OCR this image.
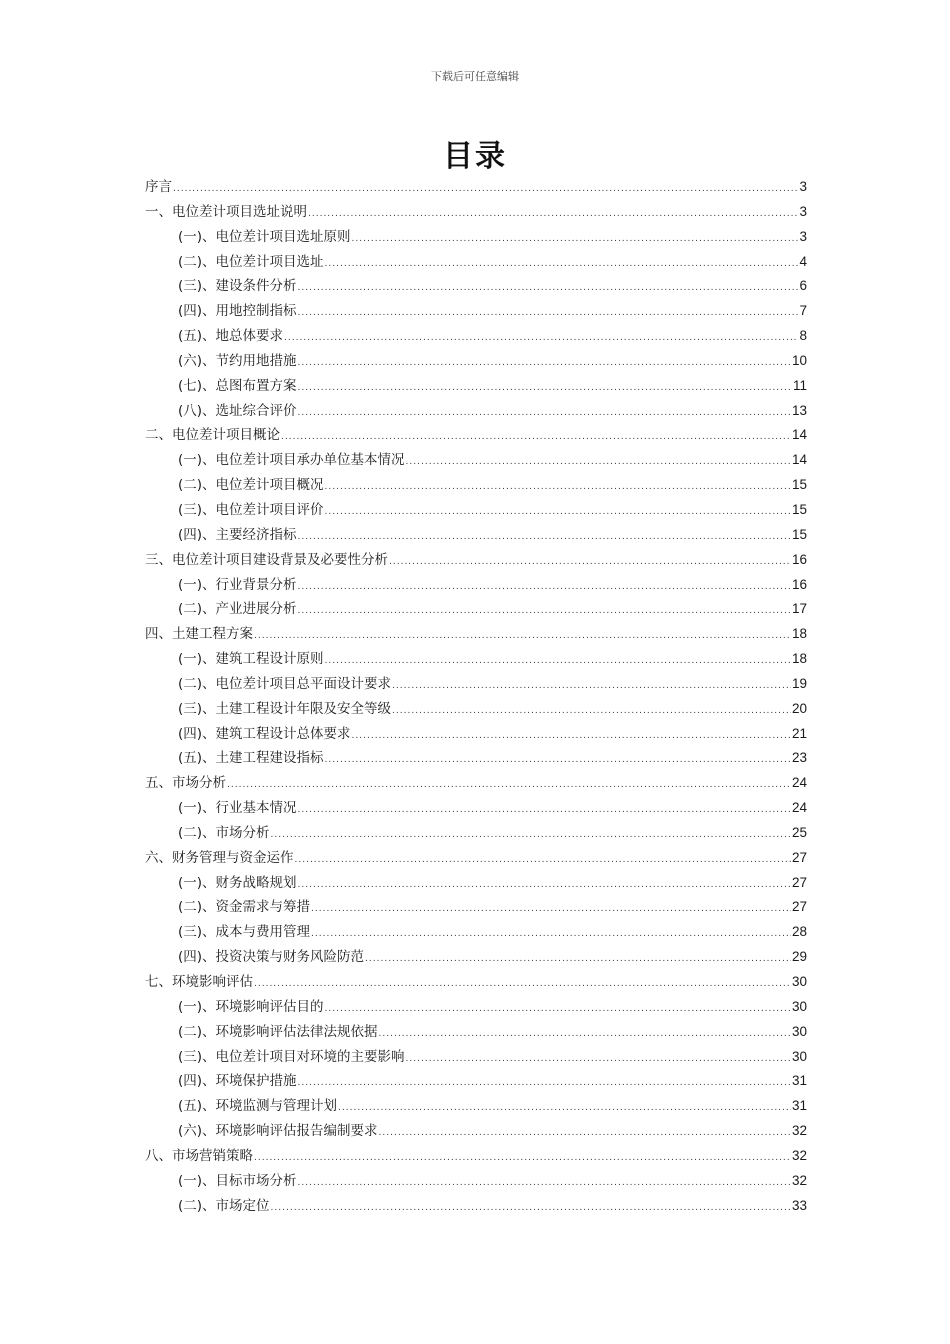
下载后可任意编辑
目录
序言 .....	3
一、电位差计项目选址说明 .....	3
(一)、电位差计项目选址原则 .....	3
(二)、电位差计项目选址 .....	4
(三)、建设条件分析 .....	6
(四)、用地控制指标 .....	7
(五)、地总体要求 .....	8
(六)、节约用地措施 .....	10
(七)、总图布置方案 .....	11
(八)、选址综合评价 .....	13
二、电位差计项目概论 .....	14
(一)、电位差计项目承办单位基本情况 .....	14
(二)、电位差计项目概况 .....	15
(三)、电位差计项目评价 .....	15
(四)、主要经济指标 .....	15
三、电位差计项目建设背景及必要性分析 .....	16
(一)、行业背景分析 .....	16
(二)、产业进展分析 .....	17
四、土建工程方案 .....	18
(一)、建筑工程设计原则 .....	18
(二)、电位差计项目总平面设计要求 .....	19
(三)、土建工程设计年限及安全等级 .....	20
(四)、建筑工程设计总体要求 .....	21
(五)、土建工程建设指标 .....	23
五、市场分析 .....	24
(一)、行业基本情况 .....	24
(二)、市场分析 .....	25
六、财务管理与资金运作 .....	27
(一)、财务战略规划 .....	27
(二)、资金需求与筹措 .....	27
(三)、成本与费用管理 .....	28
(四)、投资决策与财务风险防范 .....	29
七、环境影响评估 .....	30
(一)、环境影响评估目的 .....	30
(二)、环境影响评估法律法规依据 .....	30
(三)、电位差计项目对环境的主要影响 .....	30
(四)、环境保护措施 .....	31
(五)、环境监测与管理计划 .....	31
(六)、环境影响评估报告编制要求 .....	32
八、市场营销策略 .....	32
(一)、目标市场分析 .....	32
(二)、市场定位 .....	33
